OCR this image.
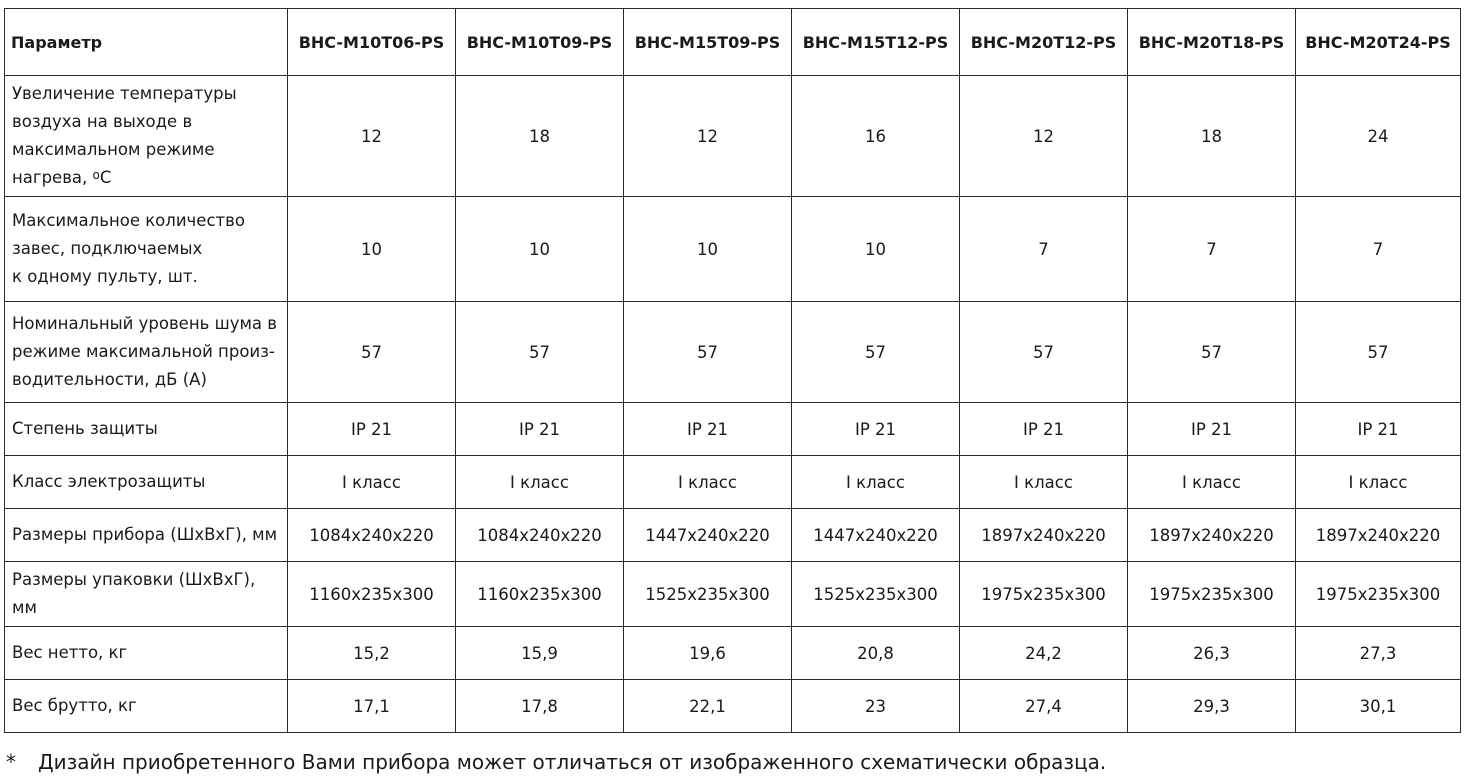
Параметр	BHC-M10T06-PS	BHC-M10T09-PS	BHC-M15T09-PS	BHC-M15T12-PS	BHC-M20T12-PS	BHC-M20T18-PS	BHC-M20T24-PS
Увеличение температуры
воздуха на выходе в
максимальном режиме
нагрева, $^о$С	12	18	12	16	12	18	24
Максимальное количество
завес, подключаемых
к одному пульту, шт.	10	10	10	10	7	7	7
Номинальный уровень шума в
режиме максимальной произ-
водительности, дБ (А)	57	57	57	57	57	57	57
Степень защиты	IP 21	IP 21	IP 21	IP 21	IP 21	IP 21	IP 21
Класс электрозащиты	I класс	I класс	I класс	I класс	I класс	I класс	I класс
Размеры прибора (ШхВхГ), мм	1084x240x220	1084x240x220	1447x240x220	1447x240x220	1897x240x220	1897x240x220	1897x240x220
Размеры упаковки (ШхВхГ), мм	1160x235x300	1160x235x300	1525x235x300	1525x235x300	1975x235x300	1975x235x300	1975x235x300
Вес нетто, кг	15,2	15,9	19,6	20,8	24,2	26,3	27,3
Вес брутто, кг	17,1	17,8	22,1	23	27,4	29,3	30,1
* Дизайн приобретенного Вами прибора может отличаться от изображенного схематически образца.
